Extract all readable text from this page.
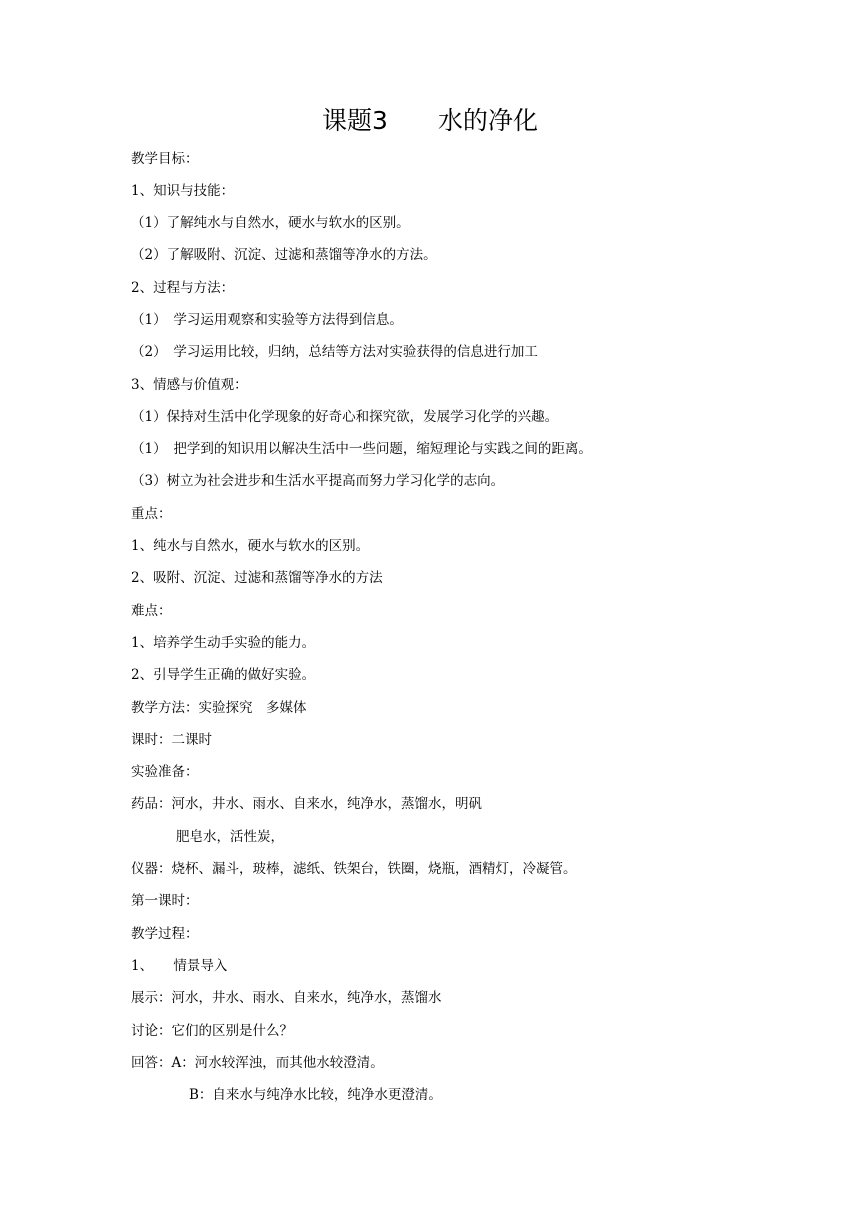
课题3　　水的净化
教学目标：
1、知识与技能：
（1）了解纯水与自然水，硬水与软水的区别。
（2）了解吸附、沉淀、过滤和蒸馏等净水的方法。
2、过程与方法：
（1）　学习运用观察和实验等方法得到信息。
（2）　学习运用比较，归纳，总结等方法对实验获得的信息进行加工
3、情感与价值观：
（1）保持对生活中化学现象的好奇心和探究欲，发展学习化学的兴趣。
（1）　把学到的知识用以解决生活中一些问题，缩短理论与实践之间的距离。
（3）树立为社会进步和生活水平提高而努力学习化学的志向。
重点：
1、纯水与自然水，硬水与软水的区别。
2、吸附、沉淀、过滤和蒸馏等净水的方法
难点：
1、培养学生动手实验的能力。
2、引导学生正确的做好实验。
教学方法：实验探究　多媒体
课时：二课时
实验准备：
药品：河水，井水、雨水、自来水，纯净水，蒸馏水，明矾
肥皂水，活性炭，
仪器：烧杯、漏斗，玻棒，滤纸、铁架台，铁圈，烧瓶，酒精灯，冷凝管。
第一课时：
教学过程：
1、　　情景导入
展示：河水，井水、雨水、自来水，纯净水，蒸馏水
讨论：它们的区别是什么？
回答：A：河水较浑浊，而其他水较澄清。
B：自来水与纯净水比较，纯净水更澄清。
